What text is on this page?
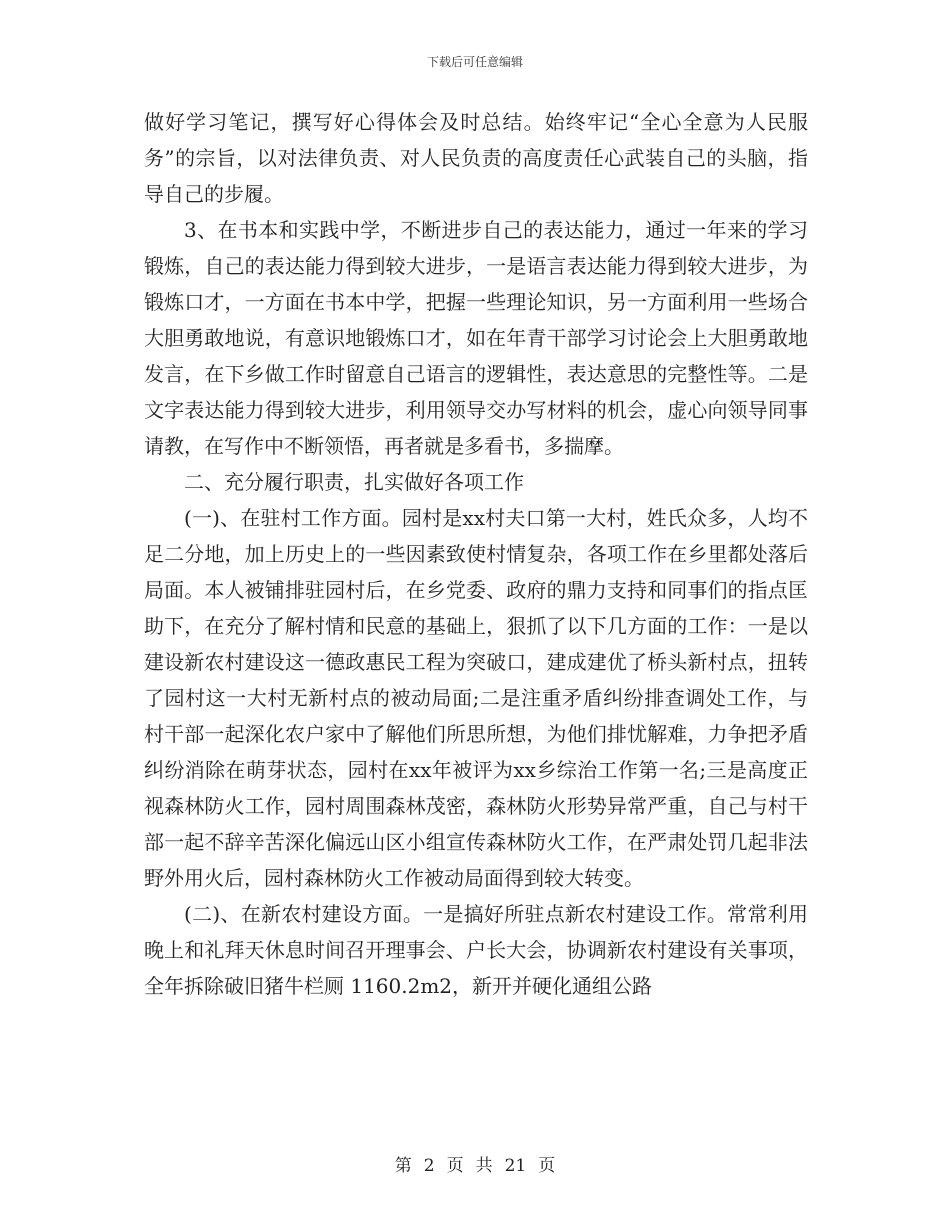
下载后可任意编辑

做好学习笔记，撰写好心得体会及时总结。始终牢记“全心全意为人民服务”的宗旨，以对法律负责、对人民负责的高度责任心武装自己的头脑，指导自己的步履。

3、在书本和实践中学，不断进步自己的表达能力，通过一年来的学习锻炼，自己的表达能力得到较大进步，一是语言表达能力得到较大进步，为锻炼口才，一方面在书本中学，把握一些理论知识，另一方面利用一些场合大胆勇敢地说，有意识地锻炼口才，如在年青干部学习讨论会上大胆勇敢地发言，在下乡做工作时留意自己语言的逻辑性，表达意思的完整性等。二是文字表达能力得到较大进步，利用领导交办写材料的机会，虚心向领导同事请教，在写作中不断领悟，再者就是多看书，多揣摩。

二、充分履行职责，扎实做好各项工作

(一)、在驻村工作方面。园村是xx村夫口第一大村，姓氏众多，人均不足二分地，加上历史上的一些因素致使村情复杂，各项工作在乡里都处落后局面。本人被铺排驻园村后，在乡党委、政府的鼎力支持和同事们的指点匡助下，在充分了解村情和民意的基础上，狠抓了以下几方面的工作：一是以建设新农村建设这一德政惠民工程为突破口，建成建优了桥头新村点，扭转了园村这一大村无新村点的被动局面;二是注重矛盾纠纷排查调处工作，与村干部一起深化农户家中了解他们所思所想，为他们排忧解难，力争把矛盾纠纷消除在萌芽状态，园村在xx年被评为xx乡综治工作第一名;三是高度正视森林防火工作，园村周围森林茂密，森林防火形势异常严重，自己与村干部一起不辞辛苦深化偏远山区小组宣传森林防火工作，在严肃处罚几起非法野外用火后，园村森林防火工作被动局面得到较大转变。

(二)、在新农村建设方面。一是搞好所驻点新农村建设工作。常常利用晚上和礼拜天休息时间召开理事会、户长大会，协调新农村建设有关事项，全年拆除破旧猪牛栏厕 1160.2m2，新开并硬化通组公路

第 2 页 共 21 页
